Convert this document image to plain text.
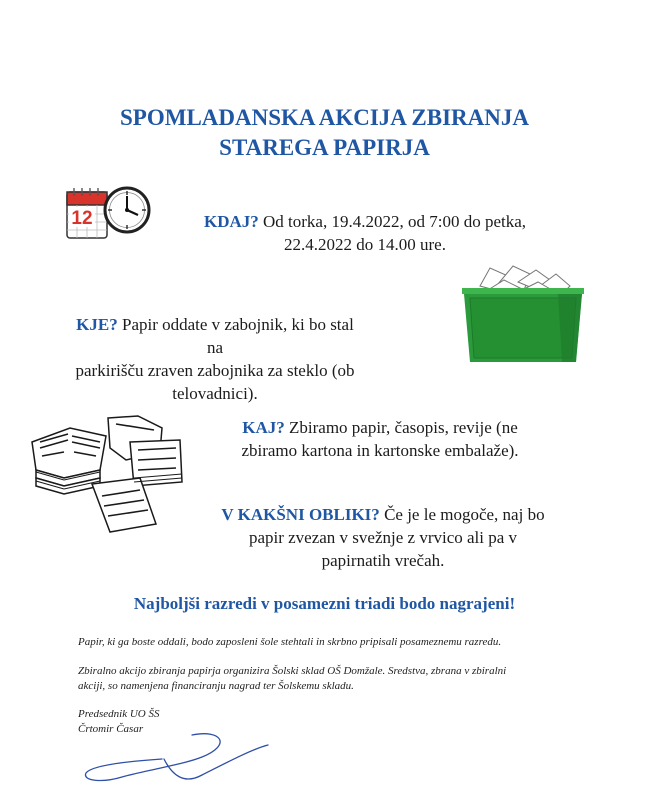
SPOMLADANSKA AKCIJA ZBIRANJA
STAREGA PAPIRJA
12	KDAJ? Od torka, 19.4.2022, od 7:00 do petka,
22.4.2022 do 14.00 ure.
KJE? Papir oddate v zabojnik, ki bo stal na
parkirišču zraven zabojnika za steklo (ob
telovadnici).
KAJ? Zbiramo papir, časopis, revije (ne
zbiramo kartona in kartonske embalaže).
V KAKŠNI OBLIKI? Če je le mogoče, naj bo
papir zvezan v svežnje z vrvico ali pa v
papirnatih vrečah.
Najboljši razredi v posamezni triadi bodo nagrajeni!

Papir, ki ga boste oddali, bodo zaposleni šole stehtali in skrbno pripisali posameznemu razredu.

Zbiralno akcijo zbiranja papirja organizira Šolski sklad OŠ Domžale. Sredstva, zbrana v zbiralni
akciji, so namenjena financiranju nagrad ter Šolskemu skladu.

Predsednik UO ŠS
Črtomir Časar
